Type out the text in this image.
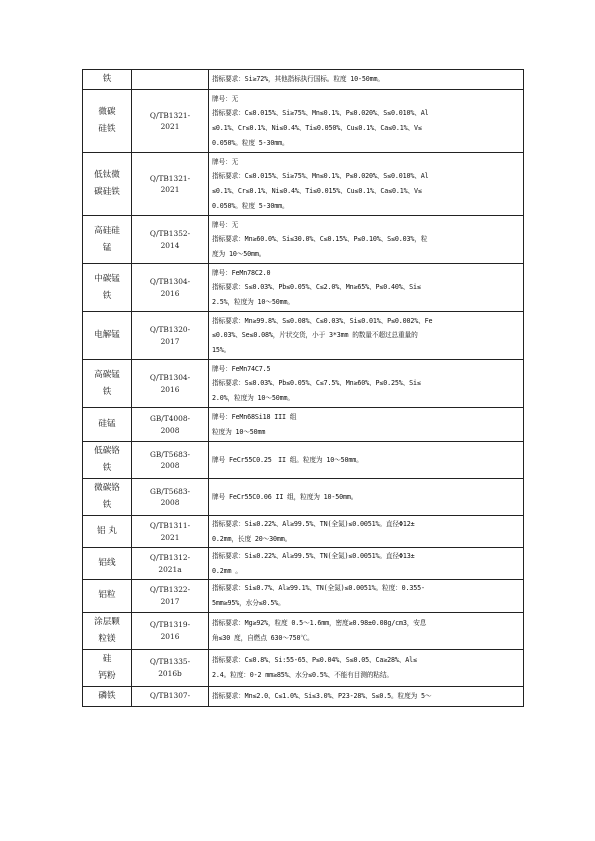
铁		指标要求：Si≥72%，其他指标执行国标。粒度 10-50mm。

微碳
硅铁	Q/TB1321-
2021	牌号：无
指标要求：C≤0.015%、Si≥75%、Mn≤0.1%、P≤0.020%、S≤0.010%、Al
≤0.1%、Cr≤0.1%、Ni≤0.4%、Ti≤0.050%、Cu≤0.1%、Ca≤0.1%、V≤
0.050%。粒度 5-30mm。

低钛微
碳硅铁	Q/TB1321-
2021	牌号：无
指标要求：C≤0.015%、Si≥75%、Mn≤0.1%、P≤0.020%、S≤0.010%、Al
≤0.1%、Cr≤0.1%、Ni≤0.4%、Ti≤0.015%、Cu≤0.1%、Ca≤0.1%、V≤
0.050%。粒度 5-30mm。

高硅硅
锰	Q/TB1352-
2014	牌号：无
指标要求：Mn≥60.0%、Si≤30.0%、C≤0.15%、P≤0.10%、S≤0.03%，粒
度为 10～50mm。

中碳锰
铁	Q/TB1304-
2016	牌号：FeMn78C2.0
指标要求：S≤0.03%、Pb≤0.05%、C≤2.0%、Mn≥65%、P≤0.40%、Si≤
2.5%，粒度为 10～50mm。

电解锰	Q/TB1320-
2017	指标要求：Mn≥99.8%、S≤0.08%、C≤0.03%、Si≤0.01%、P≤0.002%、Fe
≤0.03%、Se≤0.08%，片状交货，小于 3*3mm 的数量不超过总重量的
15%。

高碳锰
铁	Q/TB1304-
2016	牌号：FeMn74C7.5
指标要求：S≤0.03%、Pb≤0.05%、C≤7.5%、Mn≥60%、P≤0.25%、Si≤
2.0%，粒度为 10～50mm。

硅锰	GB/T4008-
2008	牌号：FeMn68Si18 III 组
粒度为 10～50mm

低碳铬
铁	GB/T5683-
2008	牌号 FeCr55C0.25　II 组。粒度为 10～50mm。

微碳铬
铁	GB/T5683-
2008	牌号 FeCr55C0.06 II 组，粒度为 10-50mm。

铝 丸	Q/TB1311-
2021	指标要求：Si≤0.22%、Al≥99.5%、TN(全氮)≤0.0051%。直径Φ12±
0.2mm，长度 20～30mm。

铝线	Q/TB1312-
2021a	指标要求：Si≤0.22%、Al≥99.5%、TN(全氮)≤0.0051%。直径Φ13±
0.2mm 。

铝粒	Q/TB1322-
2017	指标要求：Si≤0.7%、Al≥99.1%、TN(全氮)≤0.0051%。粒度：0.355-
5mm≥95%，水分≤0.5%。

涂层颗
粒镁	Q/TB1319-
2016	指标要求：Mg≥92%，粒度 0.5～1.6mm，密度≥0.98±0.08g/cm3，安息
角≤30 度，自燃点 630～750℃。

硅
钙粉	Q/TB1335-
2016b	指标要求：C≤0.8%、Si:55-65、P≤0.04%、S≤0.05、Ca≥28%、Al≤
2.4。粒度：0-2 mm≥85%、水分≤0.5%、不能有目测的粘结。

磷铁	Q/TB1307-	指标要求：Mn≤2.0、C≤1.0%、Si≤3.0%、P23-28%、S≤0.5。粒度为 5～
